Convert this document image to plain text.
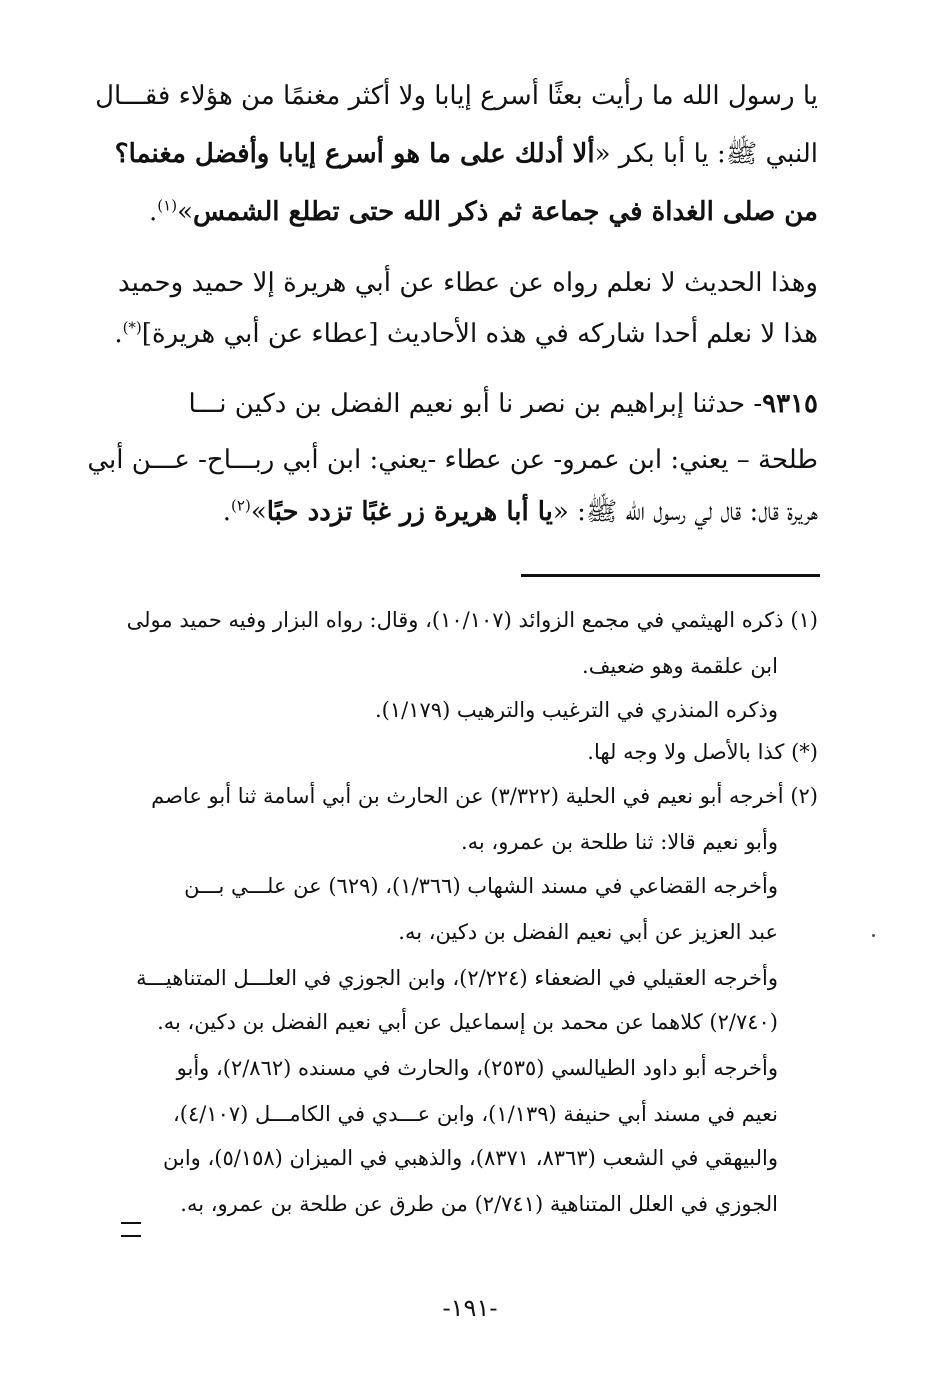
يا رسول الله ما رأيت بعثًا أسرع إيابا ولا أكثر مغنمًا من هؤلاء فقـــال
النبي ﷺ: يا أبا بكر «ألا أدلك على ما هو أسرع إيابا وأفضل مغنما؟
من صلى الغداة في جماعة ثم ذكر الله حتى تطلع الشمس»$^{(١)}$.
وهذا الحديث لا نعلم رواه عن عطاء عن أبي هريرة إلا حميد وحميد
هذا لا نعلم أحدا شاركه في هذه الأحاديث [عطاء عن أبي هريرة](*).
٩٣١٥- حدثنا إبراهيم بن نصر نا أبو نعيم الفضل بن دكين نـــا
طلحة – يعني: ابن عمرو- عن عطاء -يعني: ابن أبي ربـــاح- عـــن أبي
هريرة قال: قال لي رسول الله ﷺ: «يا أبا هريرة زر غبًا تزدد حبًا»$^{(٢)}$.
(١) ذكره الهيثمي في مجمع الزوائد (١٠/١٠٧)، وقال: رواه البزار وفيه حميد مولى
ابن علقمة وهو ضعيف.
وذكره المنذري في الترغيب والترهيب (١/١٧٩).
(*) كذا بالأصل ولا وجه لها.
(٢) أخرجه أبو نعيم في الحلية (٣/٣٢٢) عن الحارث بن أبي أسامة ثنا أبو عاصم
وأبو نعيم قالا: ثنا طلحة بن عمرو، به.
وأخرجه القضاعي في مسند الشهاب (١/٣٦٦)، (٦٢٩) عن علـــي بـــن
عبد العزيز عن أبي نعيم الفضل بن دكين، به.
وأخرجه العقيلي في الضعفاء (٢/٢٢٤)، وابن الجوزي في العلـــل المتناهيـــة
(٢/٧٤٠) كلاهما عن محمد بن إسماعيل عن أبي نعيم الفضل بن دكين، به.
وأخرجه أبو داود الطيالسي (٢٥٣٥)، والحارث في مسنده (٢/٨٦٢)، وأبو
نعيم في مسند أبي حنيفة (١/١٣٩)، وابن عـــدي في الكامـــل (٤/١٠٧)،
والبيهقي في الشعب (٨٣٦٣، ٨٣٧١)، والذهبي في الميزان (٥/١٥٨)، وابن
الجوزي في العلل المتناهية (٢/٧٤١) من طرق عن طلحة بن عمرو، به.
-١٩١-
